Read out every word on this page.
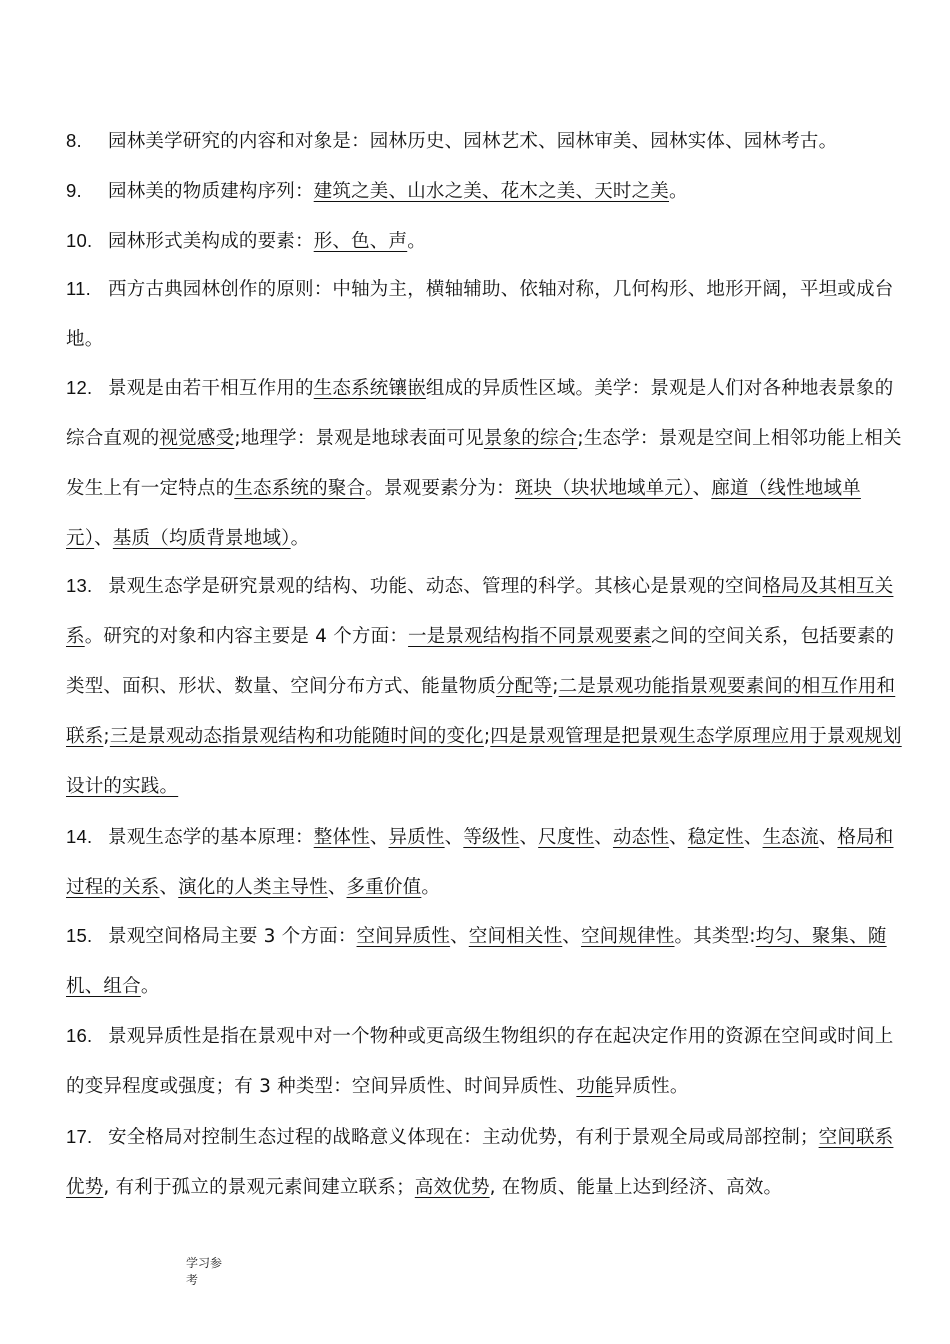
8. 园林美学研究的内容和对象是：园林历史、园林艺术、园林审美、园林实体、园林考古。
9. 园林美的物质建构序列：建筑之美、山水之美、花木之美、天时之美。
10. 园林形式美构成的要素：形、色、声。
11. 西方古典园林创作的原则：中轴为主，横轴辅助、依轴对称，几何构形、地形开阔，平坦或成台地。
12. 景观是由若干相互作用的生态系统镶嵌组成的异质性区域。美学：景观是人们对各种地表景象的综合直观的视觉感受;地理学：景观是地球表面可见景象的综合;生态学：景观是空间上相邻功能上相关发生上有一定特点的生态系统的聚合。景观要素分为：斑块（块状地域单元）、廊道（线性地域单元）、基质（均质背景地域）。
13. 景观生态学是研究景观的结构、功能、动态、管理的科学。其核心是景观的空间格局及其相互关系。研究的对象和内容主要是 4 个方面：一是景观结构指不同景观要素之间的空间关系，包括要素的类型、面积、形状、数量、空间分布方式、能量物质分配等;二是景观功能指景观要素间的相互作用和联系;三是景观动态指景观结构和功能随时间的变化;四是景观管理是把景观生态学原理应用于景观规划设计的实践。
14. 景观生态学的基本原理：整体性、异质性、等级性、尺度性、动态性、稳定性、生态流、格局和过程的关系、演化的人类主导性、多重价值。
15. 景观空间格局主要 3 个方面：空间异质性、空间相关性、空间规律性。其类型:均匀、聚集、随机、组合。
16. 景观异质性是指在景观中对一个物种或更高级生物组织的存在起决定作用的资源在空间或时间上的变异程度或强度；有 3 种类型：空间异质性、时间异质性、功能异质性。
17. 安全格局对控制生态过程的战略意义体现在：主动优势，有利于景观全局或局部控制；空间联系优势, 有利于孤立的景观元素间建立联系；高效优势, 在物质、能量上达到经济、高效。
学习参
考
